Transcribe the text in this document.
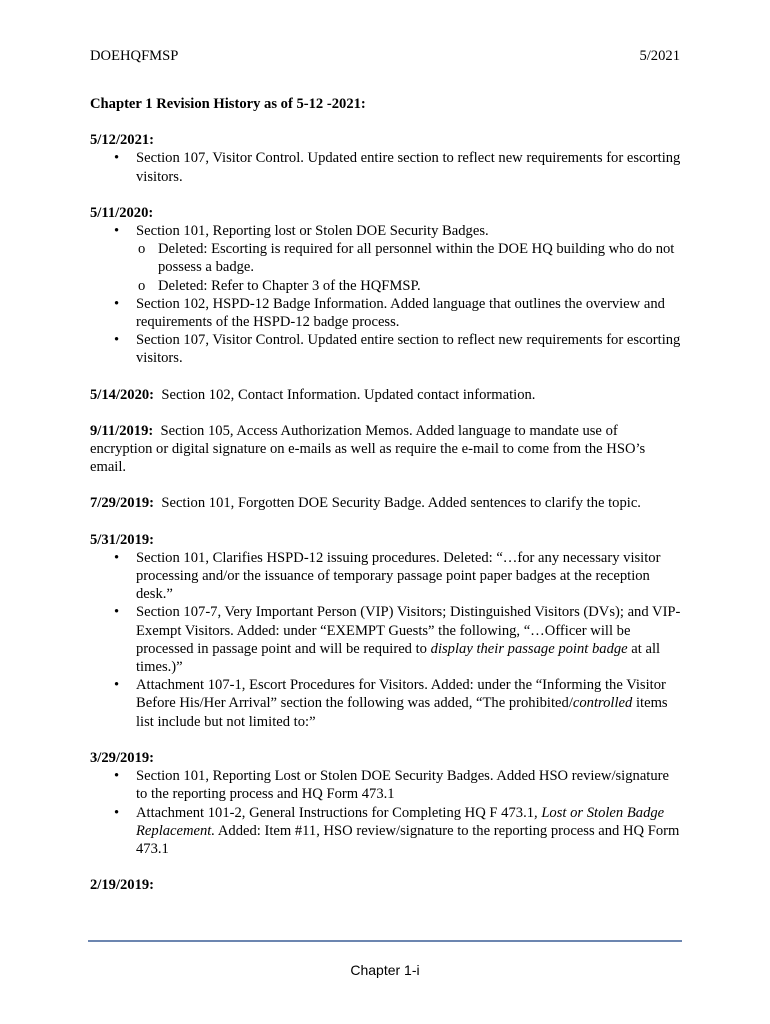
DOEHQFMSP	5/2021
Chapter 1 Revision History as of 5-12 -2021:
5/12/2021:
• Section 107, Visitor Control. Updated entire section to reflect new requirements for escorting visitors.
5/11/2020:
• Section 101, Reporting lost or Stolen DOE Security Badges.
o Deleted: Escorting is required for all personnel within the DOE HQ building who do not possess a badge.
o Deleted: Refer to Chapter 3 of the HQFMSP.
• Section 102, HSPD-12 Badge Information. Added language that outlines the overview and requirements of the HSPD-12 badge process.
• Section 107, Visitor Control. Updated entire section to reflect new requirements for escorting visitors.
5/14/2020: Section 102, Contact Information. Updated contact information.
9/11/2019: Section 105, Access Authorization Memos. Added language to mandate use of encryption or digital signature on e-mails as well as require the e-mail to come from the HSO’s email.
7/29/2019: Section 101, Forgotten DOE Security Badge. Added sentences to clarify the topic.
5/31/2019:
• Section 101, Clarifies HSPD-12 issuing procedures. Deleted: “…for any necessary visitor processing and/or the issuance of temporary passage point paper badges at the reception desk.”
• Section 107-7, Very Important Person (VIP) Visitors; Distinguished Visitors (DVs); and VIP-Exempt Visitors. Added: under “EXEMPT Guests” the following, “…Officer will be processed in passage point and will be required to display their passage point badge at all times.)”
• Attachment 107-1, Escort Procedures for Visitors. Added: under the “Informing the Visitor Before His/Her Arrival” section the following was added, “The prohibited/controlled items list include but not limited to:”
3/29/2019:
• Section 101, Reporting Lost or Stolen DOE Security Badges. Added HSO review/signature to the reporting process and HQ Form 473.1
• Attachment 101-2, General Instructions for Completing HQ F 473.1, Lost or Stolen Badge Replacement. Added: Item #11, HSO review/signature to the reporting process and HQ Form 473.1
2/19/2019:
Chapter 1-i
